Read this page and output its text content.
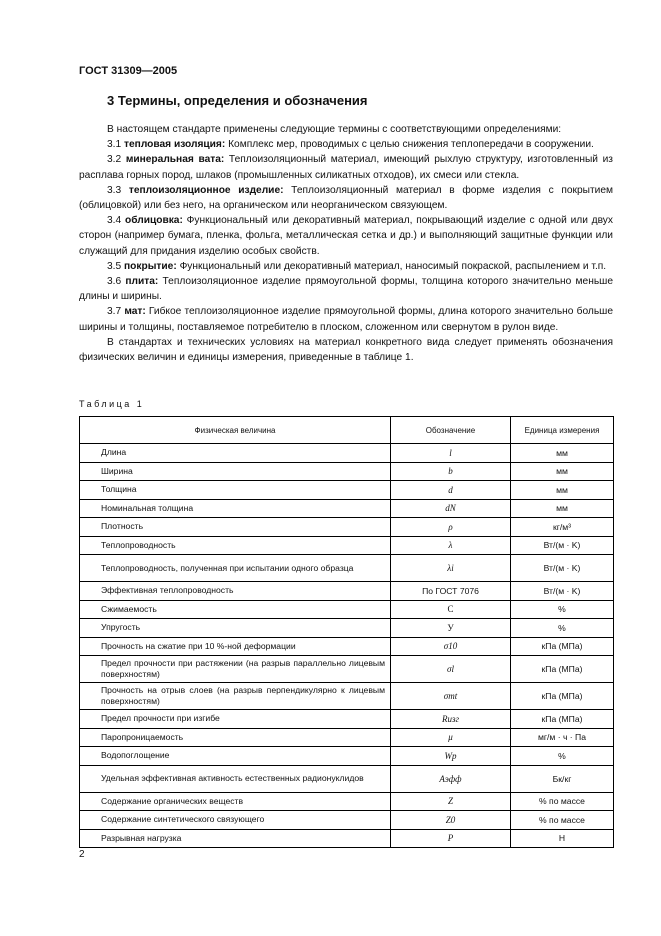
ГОСТ 31309—2005
3 Термины, определения и обозначения

В настоящем стандарте применены следующие термины с соответствующими определениями:

3.1 тепловая изоляция: Комплекс мер, проводимых с целью снижения теплопередачи в сооружении.

3.2 минеральная вата: Теплоизоляционный материал, имеющий рыхлую структуру, изготовленный из расплава горных пород, шлаков (промышленных силикатных отходов), их смеси или стекла.

3.3 теплоизоляционное изделие: Теплоизоляционный материал в форме изделия с покрытием (облицовкой) или без него, на органическом или неорганическом связующем.

3.4 облицовка: Функциональный или декоративный материал, покрывающий изделие с одной или двух сторон (например бумага, пленка, фольга, металлическая сетка и др.) и выполняющий защитные функции или служащий для придания изделию особых свойств.

3.5 покрытие: Функциональный или декоративный материал, наносимый покраской, распылением и т.п.

3.6 плита: Теплоизоляционное изделие прямоугольной формы, толщина которого значительно меньше длины и ширины.

3.7 мат: Гибкое теплоизоляционное изделие прямоугольной формы, длина которого значительно больше ширины и толщины, поставляемое потребителю в плоском, сложенном или свернутом в рулон виде.

В стандартах и технических условиях на материал конкретного вида следует применять обозначения физических величин и единицы измерения, приведенные в таблице 1.

Таблица 1
Физическая величина	Обозначение	Единица измерения
Длина	l	мм
Ширина	b	мм
Толщина	d	мм
Номинальная толщина	dN	мм
Плотность	ρ	кг/м³
Теплопроводность	λ	Вт/(м · K)
Теплопроводность, полученная при испытании одного образца	λi	Вт/(м · K)
Эффективная теплопроводность	По ГОСТ 7076	Вт/(м · K)
Сжимаемость	С	%
Упругость	У	%
Прочность на сжатие при 10 %-ной деформации	σ10	кПа (МПа)
Предел прочности при растяжении (на разрыв параллельно лицевым поверхностям)	σl	кПа (МПа)
Прочность на отрыв слоев (на разрыв перпендикулярно к лицевым поверхностям)	σmt	кПа (МПа)
Предел прочности при изгибе	Rизг	кПа (МПа)
Паропроницаемость	μ	мг/м · ч · Па
Водопоглощение	Wp	%
Удельная эффективная активность естественных радионуклидов	Aэфф	Бк/кг
Содержание органических веществ	Z	% по массе
Содержание синтетического связующего	Z0	% по массе
Разрывная нагрузка	P	Н
2
